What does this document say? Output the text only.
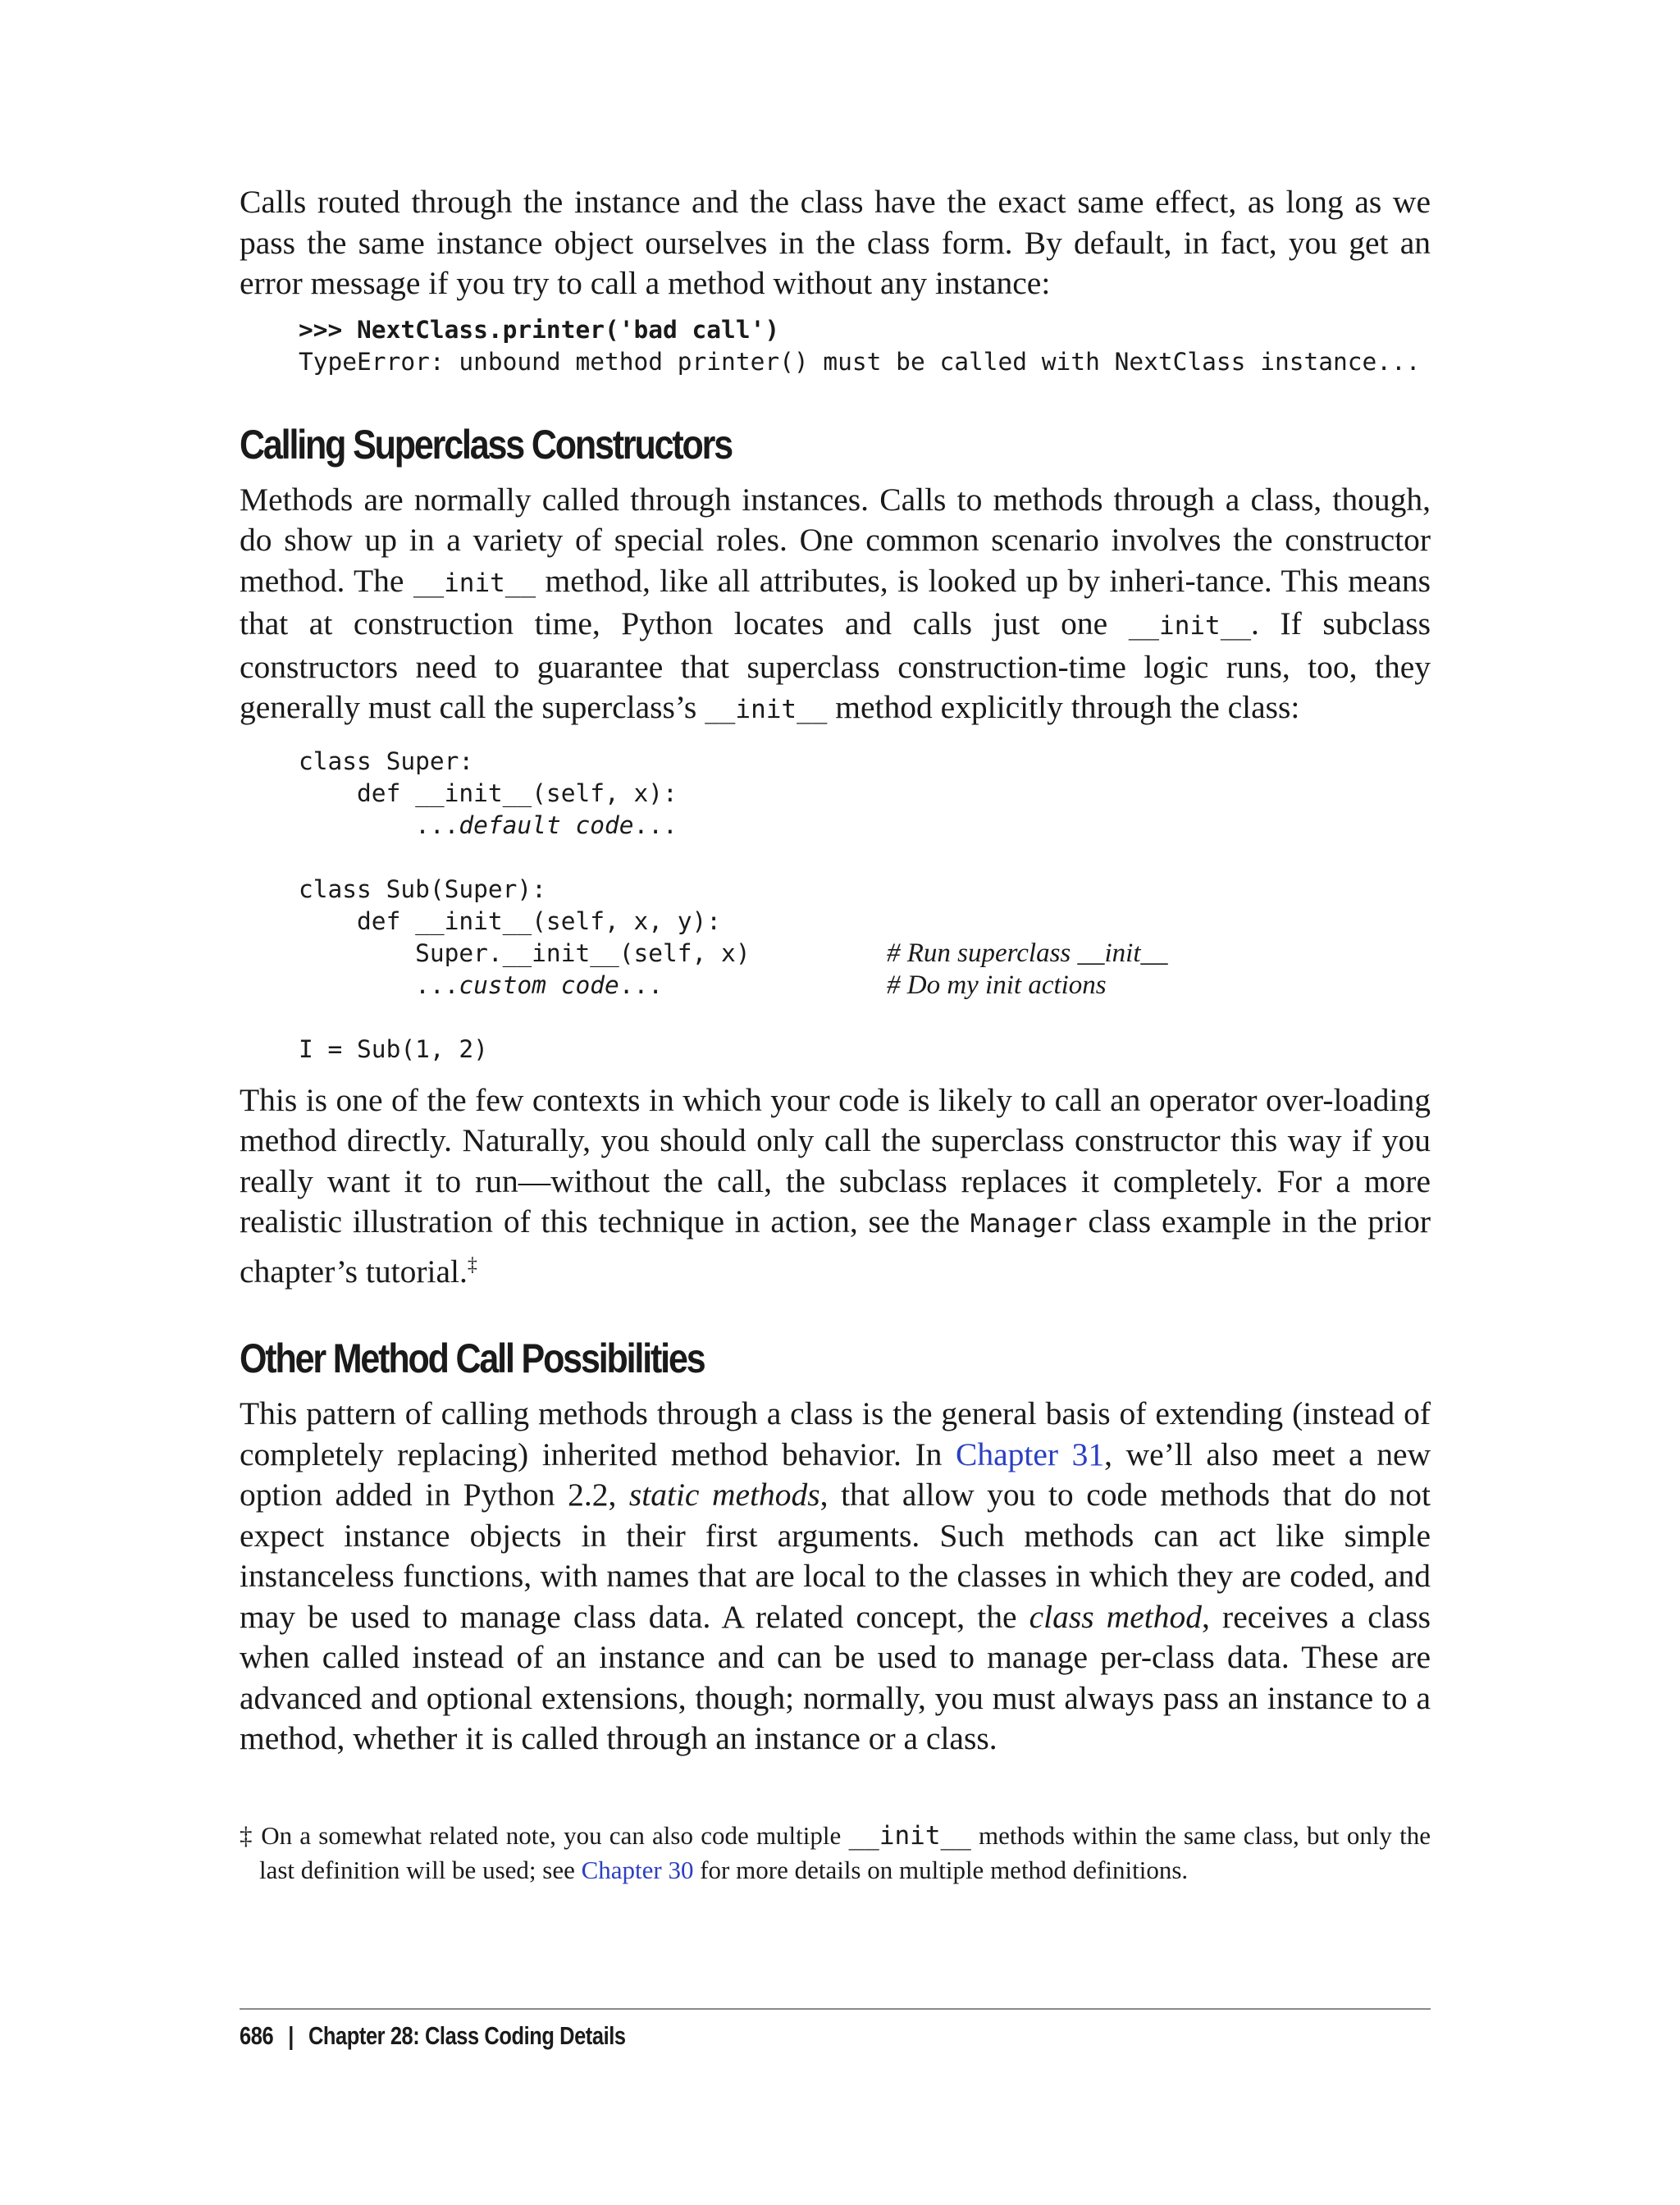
Calls routed through the instance and the class have the exact same effect, as long as we pass the same instance object ourselves in the class form. By default, in fact, you get an error message if you try to call a method without any instance:

>>> NextClass.printer('bad call')
TypeError: unbound method printer() must be called with NextClass instance...
Calling Superclass Constructors

Methods are normally called through instances. Calls to methods through a class, though, do show up in a variety of special roles. One common scenario involves the constructor method. The __init__ method, like all attributes, is looked up by inheri-tance. This means that at construction time, Python locates and calls just one __init__. If subclass constructors need to guarantee that superclass construction-time logic runs, too, they generally must call the superclass’s __init__ method explicitly through the class:

class Super:
def __init__(self, x):
...default code...

class Sub(Super):
def __init__(self, x, y):
Super.__init__(self, x)	# Run superclass __init__
...custom code...	# Do my init actions

I = Sub(1, 2)

This is one of the few contexts in which your code is likely to call an operator over-loading method directly. Naturally, you should only call the superclass constructor this way if you really want it to run—without the call, the subclass replaces it completely. For a more realistic illustration of this technique in action, see the Manager class example in the prior chapter’s tutorial.‡

Other Method Call Possibilities

This pattern of calling methods through a class is the general basis of extending (instead of completely replacing) inherited method behavior. In Chapter 31, we’ll also meet a new option added in Python 2.2, static methods, that allow you to code methods that do not expect instance objects in their first arguments. Such methods can act like simple instanceless functions, with names that are local to the classes in which they are coded, and may be used to manage class data. A related concept, the class method, receives a class when called instead of an instance and can be used to manage per-class data. These are advanced and optional extensions, though; normally, you must always pass an instance to a method, whether it is called through an instance or a class.

‡ On a somewhat related note, you can also code multiple __init__ methods within the same class, but only the last definition will be used; see Chapter 30 for more details on multiple method definitions.

686 | Chapter 28: Class Coding Details
